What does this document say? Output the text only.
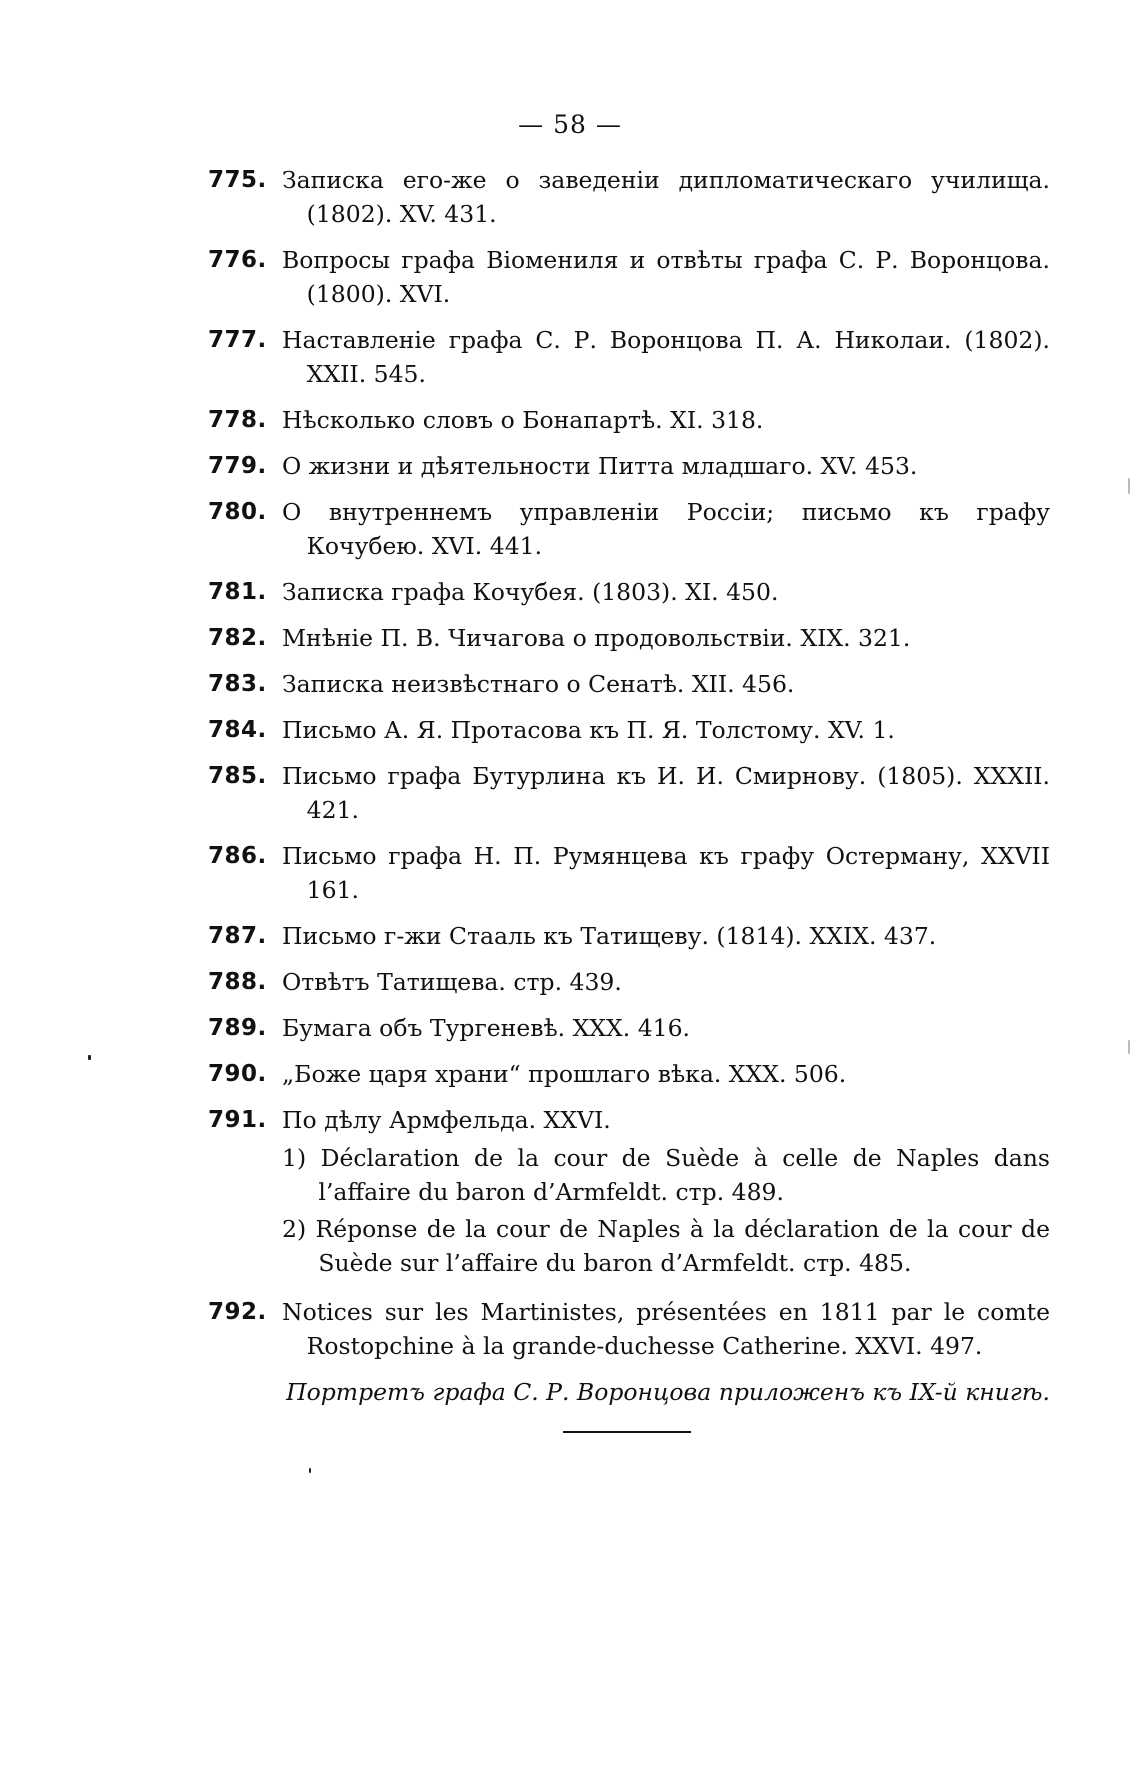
— 58 —
775. Записка его-же о заведеніи дипломатическаго училища. (1802). XV. 431.
776. Вопросы графа Віомениля и отвѣты графа С. Р. Воронцова. (1800). XVI.
777. Наставленіе графа С. Р. Воронцова П. А. Николаи. (1802). XXII. 545.
778. Нѣсколько словъ о Бонапартѣ. XI. 318.
779. О жизни и дѣятельности Питта младшаго. XV. 453.
780. О внутреннемъ управленіи Россіи; письмо къ графу Кочубею. XVI. 441.
781. Записка графа Кочубея. (1803). XI. 450.
782. Мнѣніе П. В. Чичагова о продовольствіи. XIX. 321.
783. Записка неизвѣстнаго о Сенатѣ. XII. 456.
784. Письмо А. Я. Протасова къ П. Я. Толстому. XV. 1.
785. Письмо графа Бутурлина къ И. И. Смирнову. (1805). XXXII. 421.
786. Письмо графа Н. П. Румянцева къ графу Остерману, XXVII 161.
787. Письмо г-жи Стааль къ Татищеву. (1814). XXIX. 437.
788. Отвѣтъ Татищева. стр. 439.
789. Бумага объ Тургеневѣ. XXX. 416.
790. „Боже царя храни“ прошлаго вѣка. XXX. 506.
791. По дѣлу Армфельда. XXVI.
1) Déclaration de la cour de Suède à celle de Naples dans l’affaire du baron d’Armfeldt. стр. 489.
2) Réponse de la cour de Naples à la déclaration de la cour de Suède sur l’affaire du baron d’Armfeldt. стр. 485.
792. Notices sur les Martinistes, présentées en 1811 par le comte Rostopchine à la grande-duchesse Catherine. XXVI. 497.
Портретъ графа С. Р. Воронцова приложенъ къ IX-й книгѣ.
